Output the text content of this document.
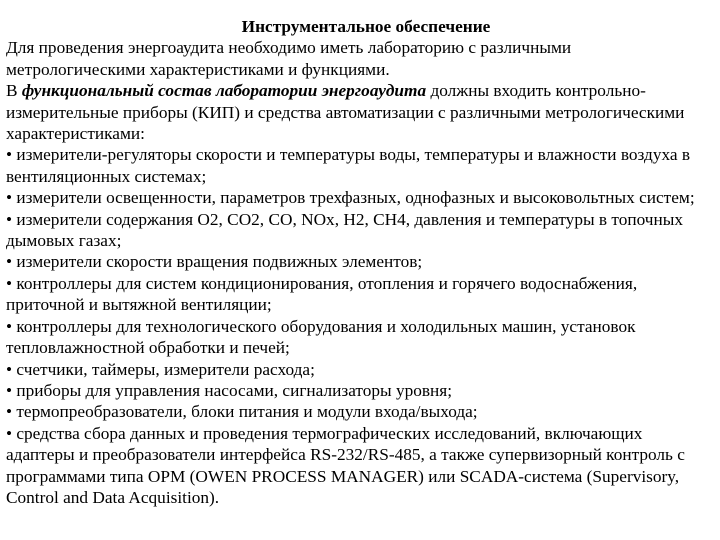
Инструментальное обеспечение

Для проведения энергоаудита необходимо иметь лабораторию с различными метрологическими характеристиками и функциями.

В функциональный состав лаборатории энергоаудита должны входить контрольно-измерительные приборы (КИП) и средства автоматизации с различными метрологическими характеристиками:

• измерители-регуляторы скорости и температуры воды, температуры и влажности воздуха в вентиляционных системах;

• измерители освещенности, параметров трехфазных, однофазных и высоковольтных систем;

• измерители содержания О2, СО2, СО, NOх, Н2, СН4, давления и температуры в топочных дымовых газах;

• измерители скорости вращения подвижных элементов;

• контроллеры для систем кондиционирования, отопления и горячего водоснабжения, приточной и вытяжной вентиляции;

• контроллеры для технологического оборудования и холодильных машин, установок тепловлажностной обработки и печей;

• счетчики, таймеры, измерители расхода;

• приборы для управления насосами, сигнализаторы уровня;

• термопреобразователи, блоки питания и модули входа/выхода;

• средства сбора данных и проведения термографических исследований, включающих адаптеры и преобразователи интерфейса RS-232/RS-485, а также супервизорный контроль с программами типа OPM (OWEN PROCESS MANAGER) или SCADA-система (Supervisory, Control and Data Acquisition).
